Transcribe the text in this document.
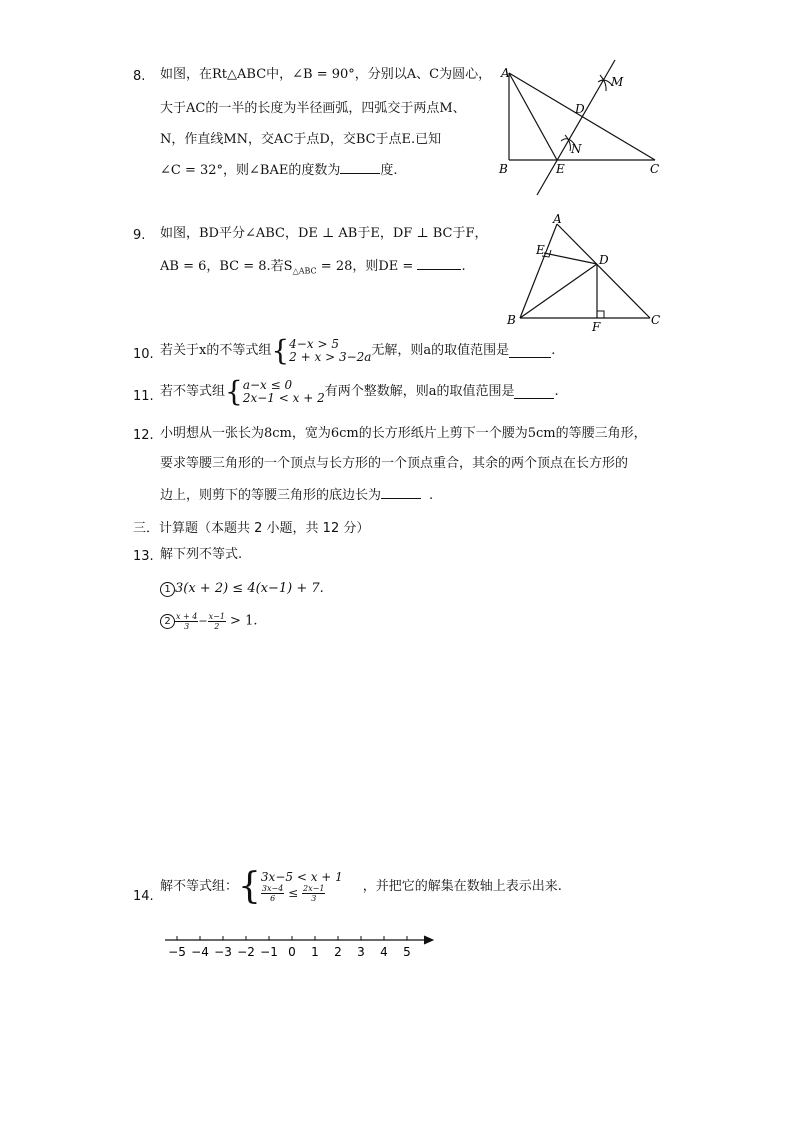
8. 如图，在Rt△ABC中，∠B = 90°，分别以A、C为圆心，
大于AC的一半的长度为半径画弧，四弧交于两点M、
N，作直线MN，交AC于点D，交BC于点E.已知
∠C = 32°，则∠BAE的度数为	度.
A
B	C
D
E
M
N
9. 如图，BD平分∠ABC，DE ⊥ AB于E，DF ⊥ BC于F，
AB = 6，BC = 8.若$S_{\triangle ABC} = 28$，则DE =	.
A
B	C
D
E
F
10. 若关于x的不等式组{ 4−x > 5
2 + x > 3−2a 无解，则a的取值范围是	.
11. 若不等式组{ a−x ≤ 0
2x−1 < x + 2 有两个整数解，则a的取值范围是	.
12. 小明想从一张长为8cm，宽为6cm的长方形纸片上剪下一个腰为5cm的等腰三角形，
要求等腰三角形的一个顶点与长方形的一个顶点重合，其余的两个顶点在长方形的
边上，则剪下的等腰三角形的底边长为	.
三．计算题（本题共 2 小题，共 12 分）
13. 解下列不等式.
1 3(x + 2) ≤ 4(x−1) + 7.
$2 \frac{x + 4}{3} - \frac{x-1}{2} > 1$.
14.
解不等式组：{ 3x−5 < x + 1
$\frac{3x-4}{6} \le \frac{2x-1}{3}$	，并把它的解集在数轴上表示出来.
−5 −4 −3 −2 −1 0 1 2 3 4 5
